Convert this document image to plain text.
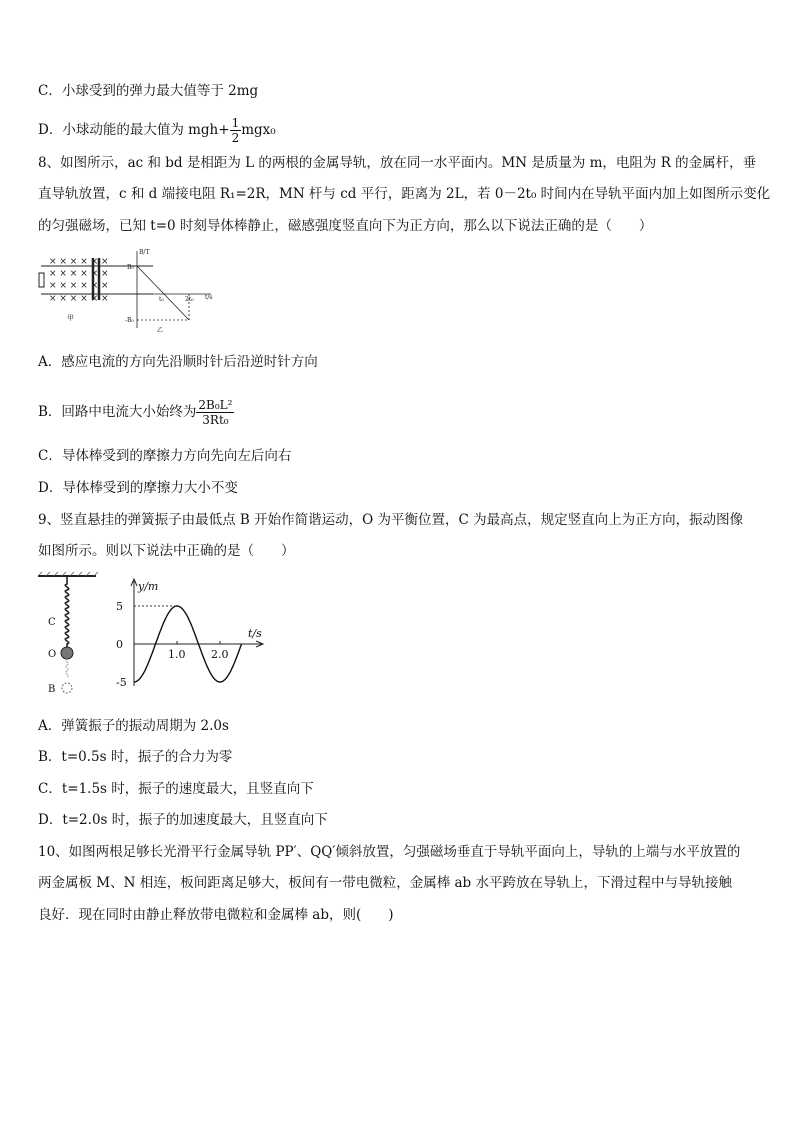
C．小球受到的弹力最大值等于 2mg
D．小球动能的最大值为 $mgh+ \frac{1}{2} mgx_0$
8、如图所示，ac 和 bd 是相距为 L 的两根的金属导轨，放在同一水平面内。MN 是质量为 m，电阻为 R 的金属杆，垂
直导轨放置，c 和 d 端接电阻 R₁=2R，MN 杆与 cd 平行，距离为 2L，若 0－2t₀ 时间内在导轨平面内加上如图所示变化
的匀强磁场，已知 t=0 时刻导体棒静止，磁感强度竖直向下为正方向，那么以下说法正确的是（　　）
× × × × × ×
× × × × × ×
× × × × × ×
× × × × × ×
甲
B/T
t/s
B₀
-B₀
t₀	2t₀
乙
A．感应电流的方向先沿顺时针后沿逆时针方向
B．回路中电流大小始终为 $\frac{\text{2B₀L²}}{\text{3Rt₀}}$
C．导体棒受到的摩擦力方向先向左后向右
D．导体棒受到的摩擦力大小不变
9、竖直悬挂的弹簧振子由最低点 B 开始作简谐运动，O 为平衡位置，C 为最高点，规定竖直向上为正方向，振动图像
如图所示。则以下说法中正确的是（　　）
C
O
B
y/m
t/s
5
0
-5
1.0 2.0
A．弹簧振子的振动周期为 2.0s
B．t=0.5s 时，振子的合力为零
C．t=1.5s 时，振子的速度最大，且竖直向下
D．t=2.0s 时，振子的加速度最大，且竖直向下
10、如图两根足够长光滑平行金属导轨 PP′、QQ′倾斜放置，匀强磁场垂直于导轨平面向上，导轨的上端与水平放置的
两金属板 M、N 相连，板间距离足够大，板间有一带电微粒，金属棒 ab 水平跨放在导轨上，下滑过程中与导轨接触
良好．现在同时由静止释放带电微粒和金属棒 ab，则(　　)
